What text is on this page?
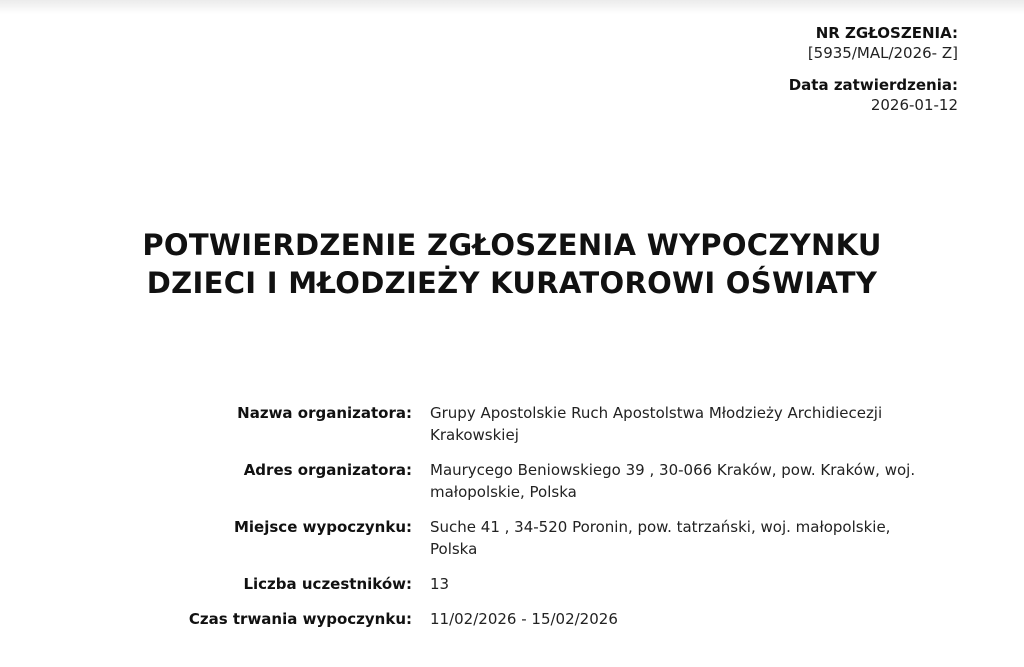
NR ZGŁOSZENIA:
[5935/MAL/2026- Z]
Data zatwierdzenia:
2026-01-12
POTWIERDZENIE ZGŁOSZENIA WYPOCZYNKU
DZIECI I MŁODZIEŻY KURATOROWI OŚWIATY
Nazwa organizatora: Grupy Apostolskie Ruch Apostolstwa Młodzieży Archidiecezji Krakowskiej
Adres organizatora: Maurycego Beniowskiego 39 , 30-066 Kraków, pow. Kraków, woj. małopolskie, Polska
Miejsce wypoczynku: Suche 41 , 34-520 Poronin, pow. tatrzański, woj. małopolskie, Polska
Liczba uczestników: 13
Czas trwania wypoczynku: 11/02/2026 - 15/02/2026
